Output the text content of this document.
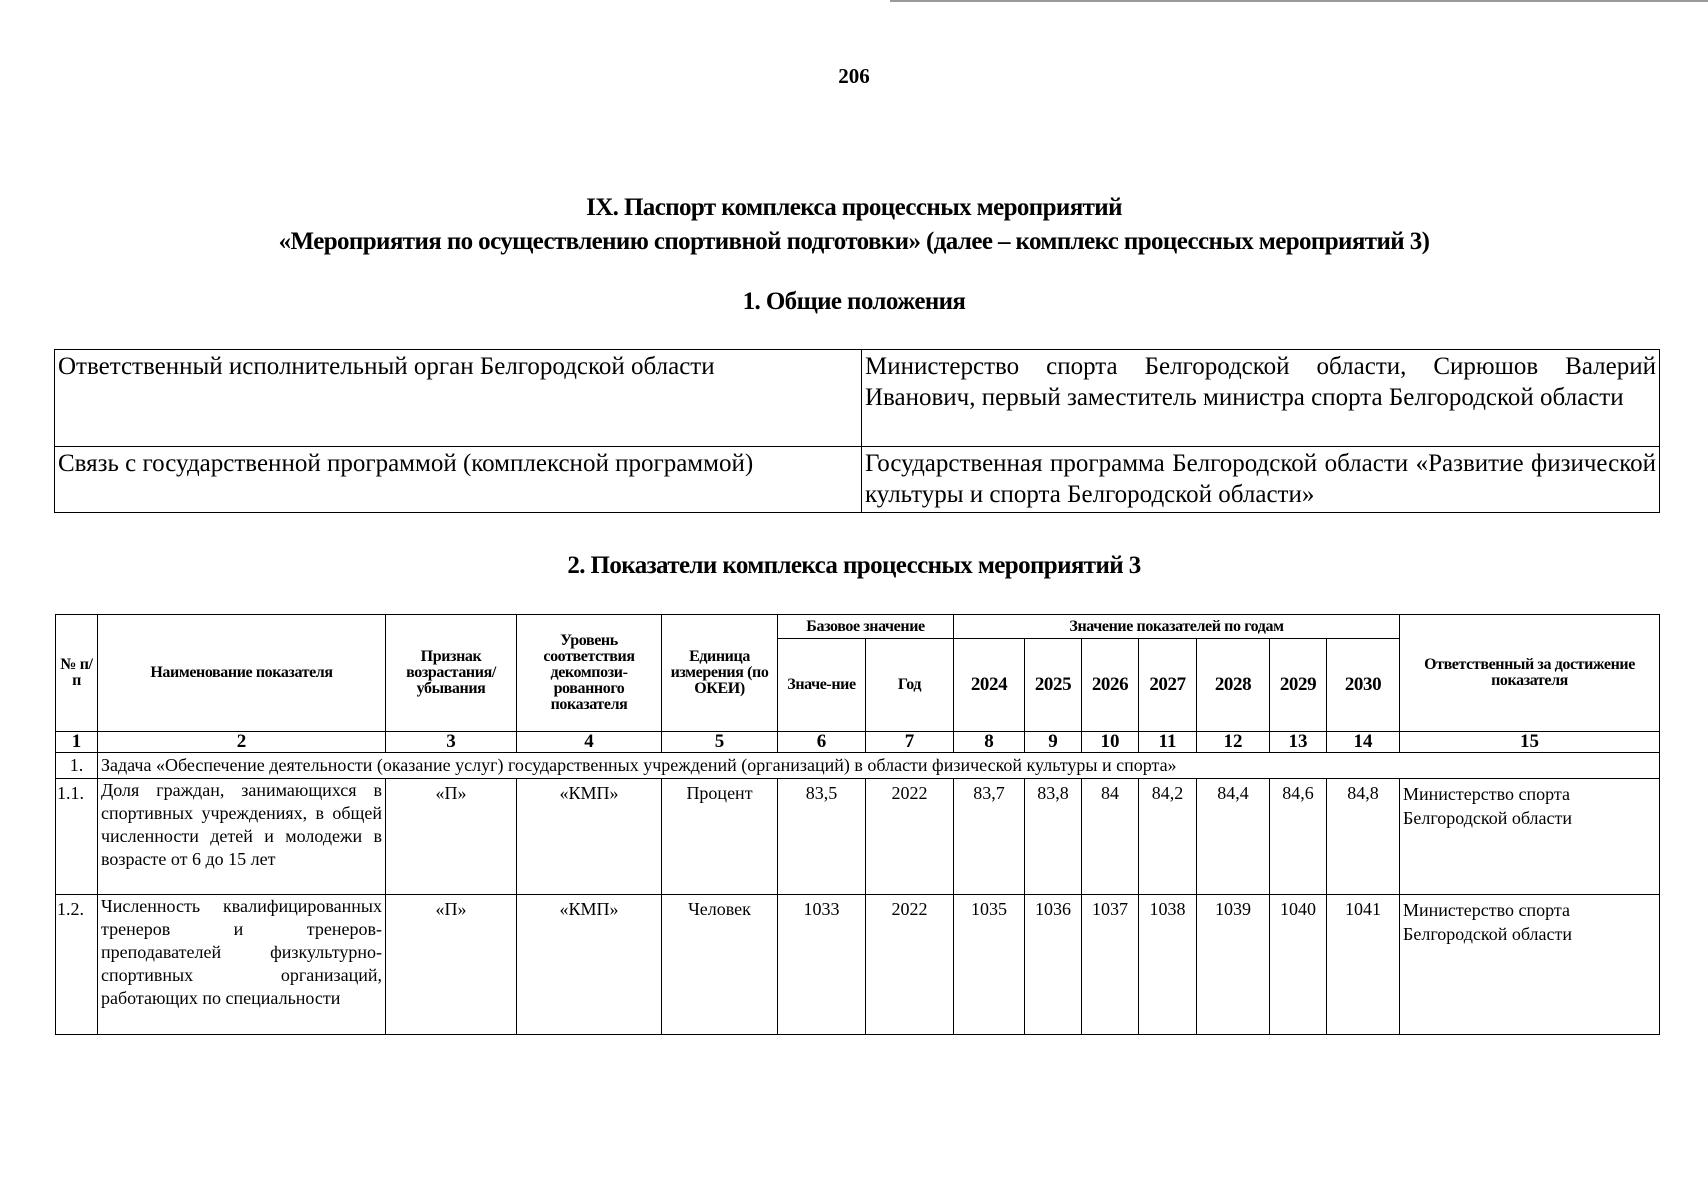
206
IX. Паспорт комплекса процессных мероприятий
«Мероприятия по осуществлению спортивной подготовки» (далее – комплекс процессных мероприятий 3)
1. Общие положения
Ответственный исполнительный орган Белгородской области	Министерство спорта Белгородской области, Сирюшов Валерий Иванович, первый заместитель министра спорта Белгородской области
Связь с государственной программой (комплексной программой)	Государственная программа Белгородской области «Развитие физической культуры и спорта Белгородской области»
2. Показатели комплекса процессных мероприятий 3
№ п/п	Наименование показателя	Признак возрастания/ убывания	Уровень соответствия декомпози-рованного показателя	Единица измерения (по ОКЕИ)	Базовое значение		Значение показателей по годам							Ответственный за достижение показателя
					Значе-ние	Год	2024	2025	2026	2027	2028	2029	2030	
1	2	3	4	5	6	7	8	9	10	11	12	13	14	15
1.	Задача «Обеспечение деятельности (оказание услуг) государственных учреждений (организаций) в области физической культуры и спорта»													
1.1.	Доля граждан, занимающихся в спортивных учреждениях, в общей численности детей и молодежи в возрасте от 6 до 15 лет	«П»	«КМП»	Процент	83,5	2022	83,7	83,8	84	84,2	84,4	84,6	84,8	Министерство спорта Белгородской области
1.2.	Численность квалифицированных тренеров и тренеров-преподавателей физкультурно-спортивных организаций, работающих по специальности	«П»	«КМП»	Человек	1033	2022	1035	1036	1037	1038	1039	1040	1041	Министерство спорта Белгородской области
